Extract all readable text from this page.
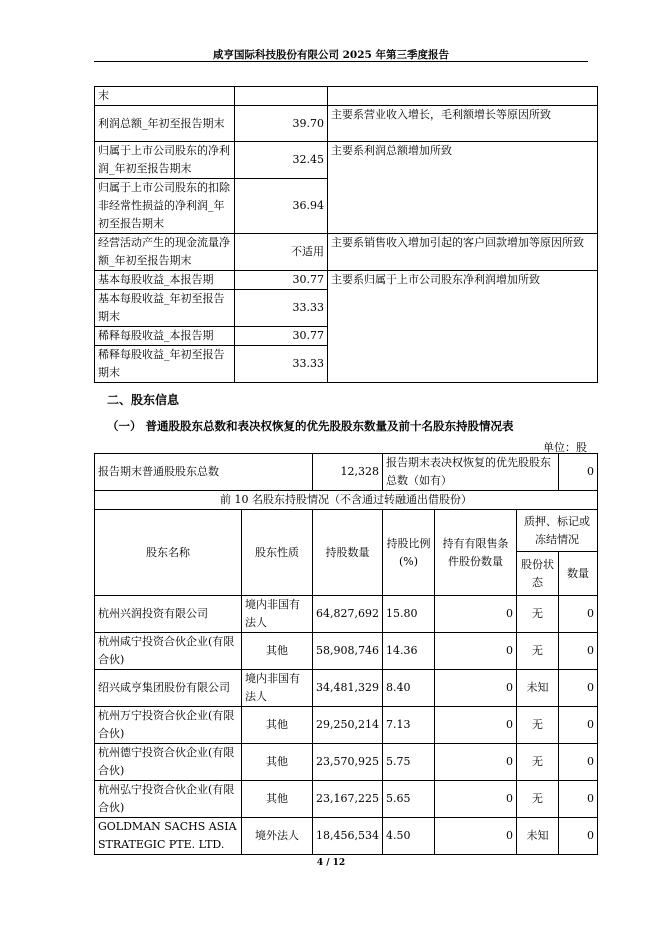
咸亨国际科技股份有限公司 2025 年第三季度报告
末		
利润总额_年初至报告期末	39.70	主要系营业收入增长，毛利额增长等原因所致
归属于上市公司股东的净利润_年初至报告期末	32.45	主要系利润总额增加所致
归属于上市公司股东的扣除非经常性损益的净利润_年初至报告期末	36.94	
经营活动产生的现金流量净额_年初至报告期末	不适用	主要系销售收入增加引起的客户回款增加等原因所致
基本每股收益_本报告期	30.77	主要系归属于上市公司股东净利润增加所致
基本每股收益_年初至报告期末	33.33	
稀释每股收益_本报告期	30.77	
稀释每股收益_年初至报告期末	33.33	
二、股东信息
（一） 普通股股东总数和表决权恢复的优先股股东数量及前十名股东持股情况表
单位：股
报告期末普通股股东总数		12,328	报告期末表决权恢复的优先股股东总数（如有）			0
前 10 名股东持股情况（不含通过转融通出借股份）						
股东名称	股东性质	持股数量	持股比例(%)	持有有限售条件股份数量	质押、标记或冻结情况	
					股份状态	数量
杭州兴润投资有限公司	境内非国有法人	64,827,692	15.80	0	无	0
杭州咸宁投资合伙企业(有限合伙)	其他	58,908,746	14.36	0	无	0
绍兴咸亨集团股份有限公司	境内非国有法人	34,481,329	8.40	0	未知	0
杭州万宁投资合伙企业(有限合伙)	其他	29,250,214	7.13	0	无	0
杭州德宁投资合伙企业(有限合伙)	其他	23,570,925	5.75	0	无	0
杭州弘宁投资合伙企业(有限合伙)	其他	23,167,225	5.65	0	无	0
GOLDMAN SACHS ASIA STRATEGIC PTE. LTD.	境外法人	18,456,534	4.50	0	未知	0
4 / 12
